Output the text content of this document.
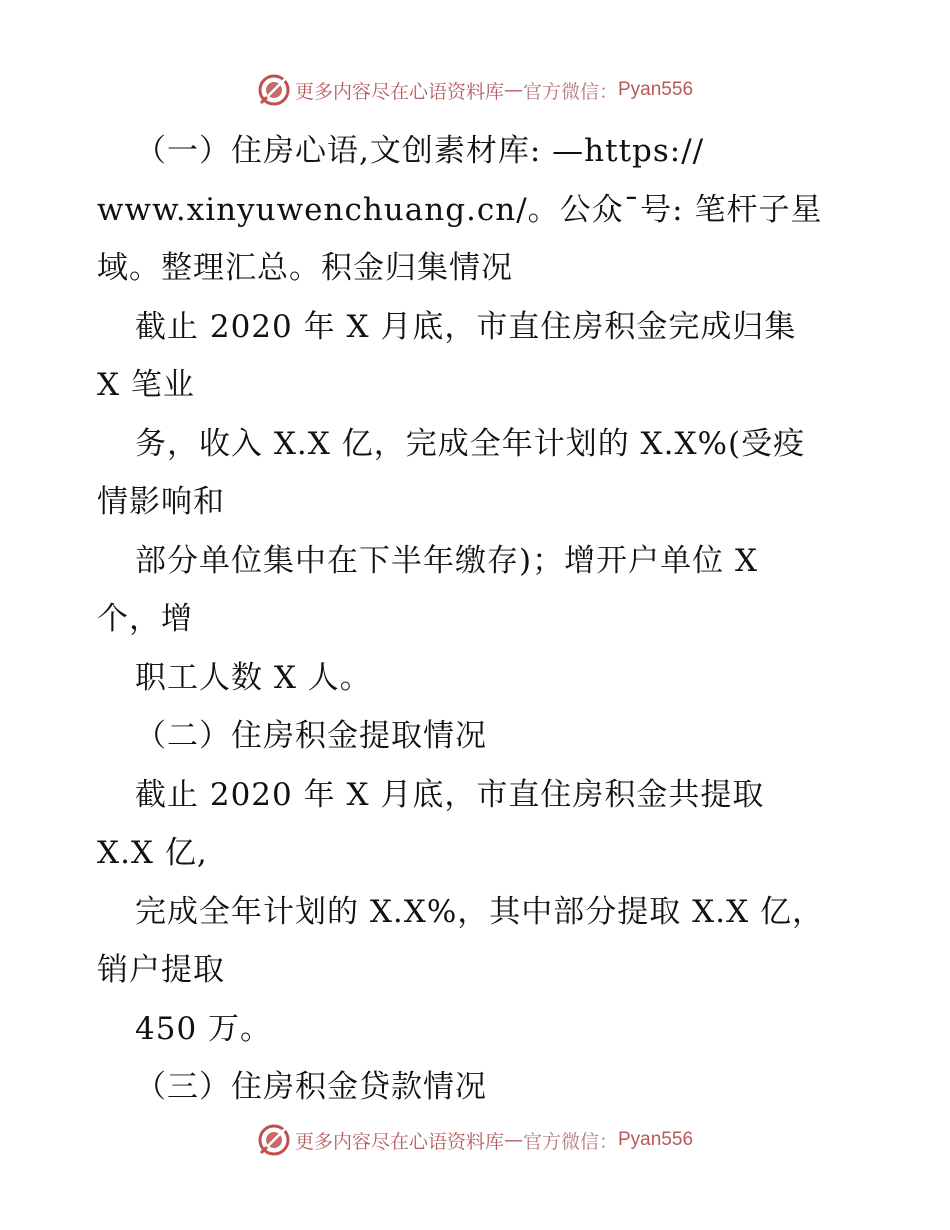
更多内容尽在心语资料库 — 官方微信： Pyan556
（一）住房心语,文创素材库: —https://
www.xinyuwenchuang.cn/。公众¯号: 笔杆子星
域。整理汇总。积金归集情况
截止 2020 年 X 月底，市直住房积金完成归集
X 笔业
务，收入 X.X 亿，完成全年计划的 X.X%(受疫
情影响和
部分单位集中在下半年缴存)；增开户单位 X
个，增
职工人数 X 人。
（二）住房积金提取情况
截止 2020 年 X 月底，市直住房积金共提取
X.X 亿,
完成全年计划的 X.X%，其中部分提取 X.X 亿，
销户提取
450 万。
（三）住房积金贷款情况
更多内容尽在心语资料库 — 官方微信： Pyan556
